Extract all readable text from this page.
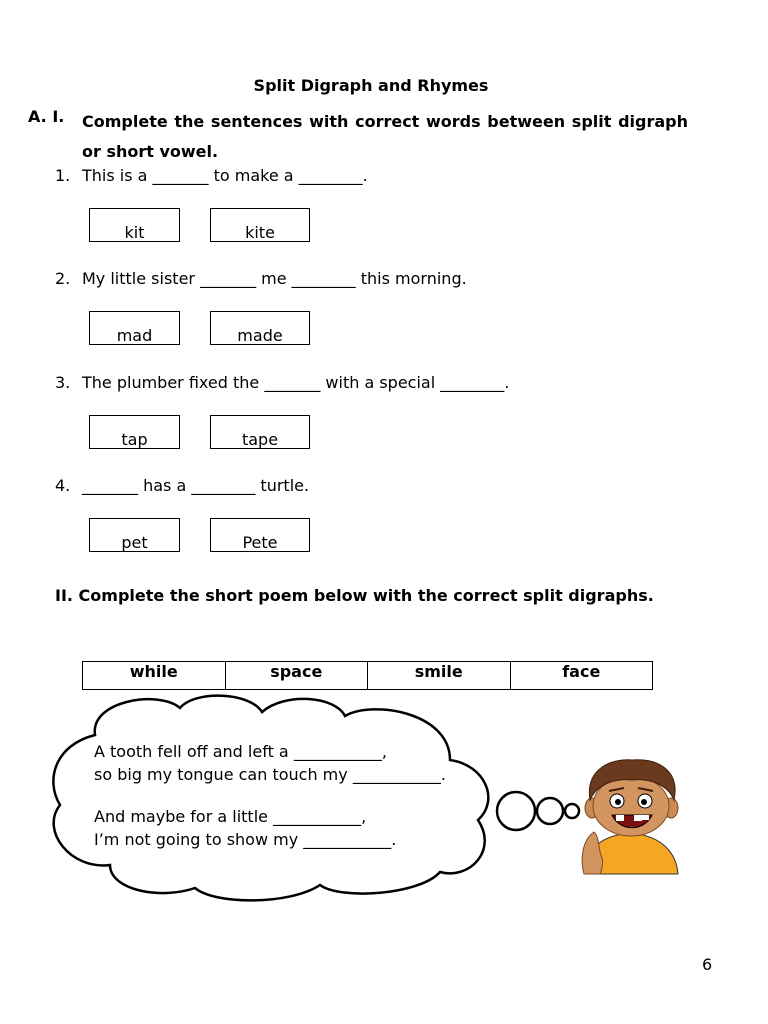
Split Digraph and Rhymes
A. I. Complete the sentences with correct words between split digraph or short vowel.
1. This is a _______ to make a ________.
kit	kite
2. My little sister _______ me ________ this morning.
mad	made
3. The plumber fixed the _______ with a special ________.
tap	tape
4. _______ has a ________ turtle.
pet	Pete
II. Complete the short poem below with the correct split digraphs.
while	space	smile	face
A tooth fell off and left a ___________,
so big my tongue can touch my ___________.
And maybe for a little ___________,
I’m not going to show my ___________.
6
